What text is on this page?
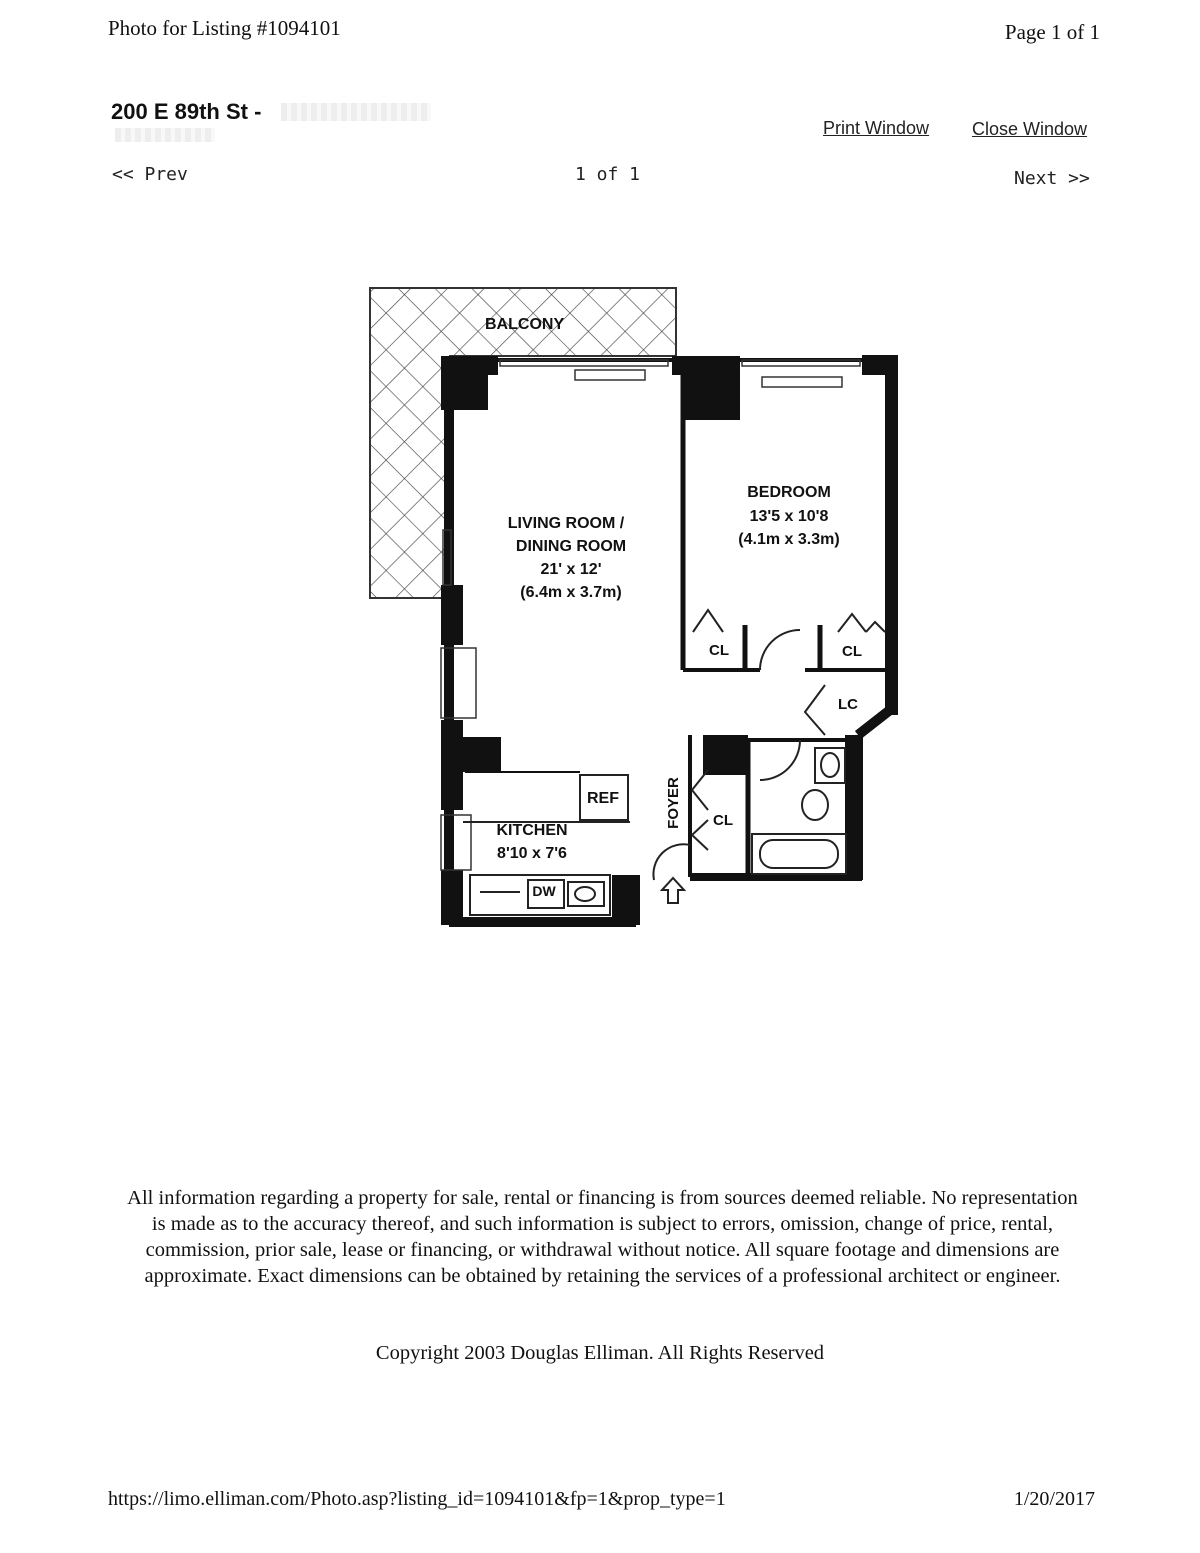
Photo for Listing #1094101	Page 1 of 1
200 E 89th St -
Print Window Close Window
<< Prev	1 of 1	Next >>
BALCONY
LIVING ROOM /
DINING ROOM
21' x 12'
(6.4m x 3.7m)
BEDROOM
13'5 x 10'8
(4.1m x 3.3m)
CL	CL
LC
CL
REF
KITCHEN
8'10 x 7'6
DW
FOYER
All information regarding a property for sale, rental or financing is from sources deemed reliable. No representation is made as to the accuracy thereof, and such information is subject to errors, omission, change of price, rental, commission, prior sale, lease or financing, or withdrawal without notice. All square footage and dimensions are approximate. Exact dimensions can be obtained by retaining the services of a professional architect or engineer.
Copyright 2003 Douglas Elliman. All Rights Reserved
https://limo.elliman.com/Photo.asp?listing_id=1094101&fp=1&prop_type=1	1/20/2017
